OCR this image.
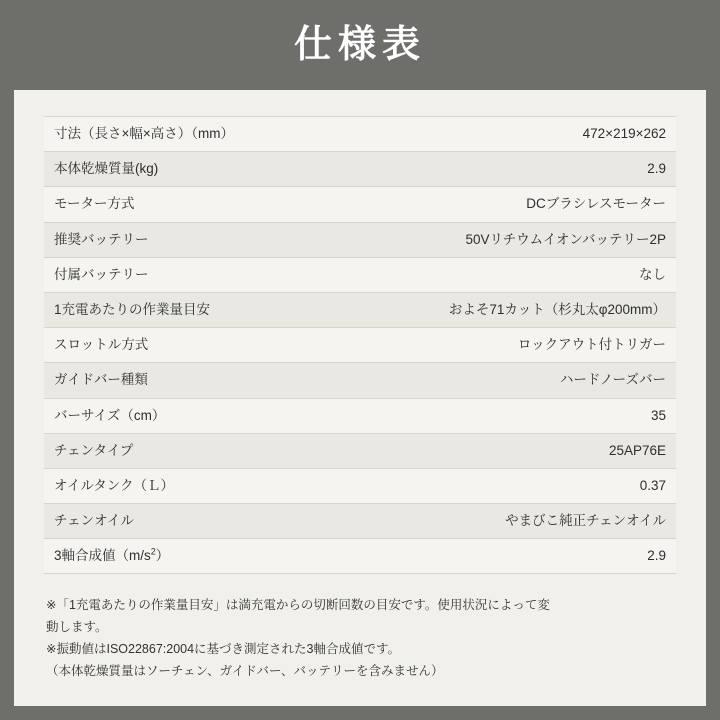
仕様表
寸法（長さ×幅×高さ）（mm）	472×219×262
本体乾燥質量(kg)	2.9
モーター方式	DCブラシレスモーター
推奨バッテリー	50Vリチウムイオンバッテリー2P
付属バッテリー	なし
1充電あたりの作業量目安	およそ71カット（杉丸太φ200mm）
スロットル方式	ロックアウト付トリガー
ガイドバー種類	ハードノーズバー
バーサイズ（cm）	35
チェンタイプ	25AP76E
オイルタンク（Ｌ）	0.37
チェンオイル	やまびこ純正チェンオイル
3軸合成値$(m/s^2)$	2.9

※「1充電あたりの作業量目安」は満充電からの切断回数の目安です。使用状況によって変

動します。

※振動値はISO22867:2004に基づき測定された3軸合成値です。

（本体乾燥質量はソーチェン、ガイドバー、バッテリーを含みません）
